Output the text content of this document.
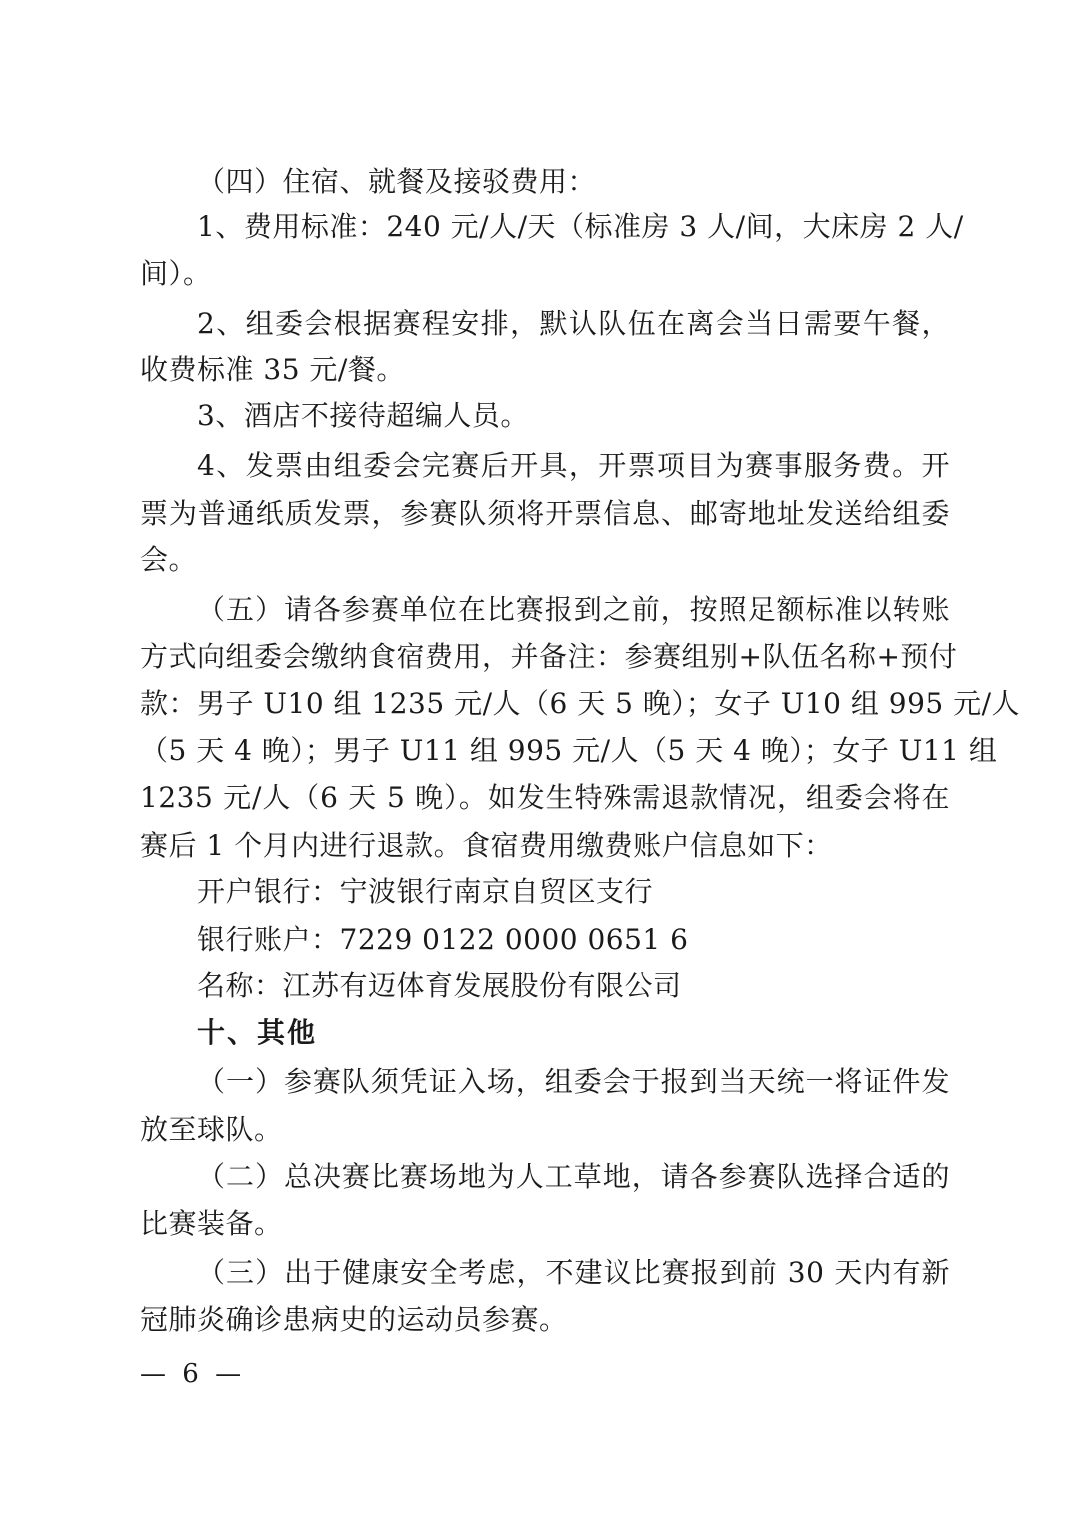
（四）住宿、就餐及接驳费用：
1、费用标准：240 元/人/天（标准房 3 人/间，大床房 2 人/
间）。
2、组委会根据赛程安排，默认队伍在离会当日需要午餐，
收费标准 35 元/餐。
3、酒店不接待超编人员。
4、发票由组委会完赛后开具，开票项目为赛事服务费。开
票为普通纸质发票，参赛队须将开票信息、邮寄地址发送给组委
会。
（五）请各参赛单位在比赛报到之前，按照足额标准以转账
方式向组委会缴纳食宿费用，并备注：参赛组别+队伍名称+预付
款：男子 U10 组 1235 元/人（6 天 5 晚）；女子 U10 组 995 元/人
（5 天 4 晚）；男子 U11 组 995 元/人（5 天 4 晚）；女子 U11 组
1235 元/人（6 天 5 晚）。如发生特殊需退款情况，组委会将在
赛后 1 个月内进行退款。食宿费用缴费账户信息如下：
开户银行：宁波银行南京自贸区支行
银行账户：7229 0122 0000 0651 6
名称：江苏有迈体育发展股份有限公司
十、其他
（一）参赛队须凭证入场，组委会于报到当天统一将证件发
放至球队。
（二）总决赛比赛场地为人工草地，请各参赛队选择合适的
比赛装备。
（三）出于健康安全考虑，不建议比赛报到前 30 天内有新
冠肺炎确诊患病史的运动员参赛。
— 6 —
